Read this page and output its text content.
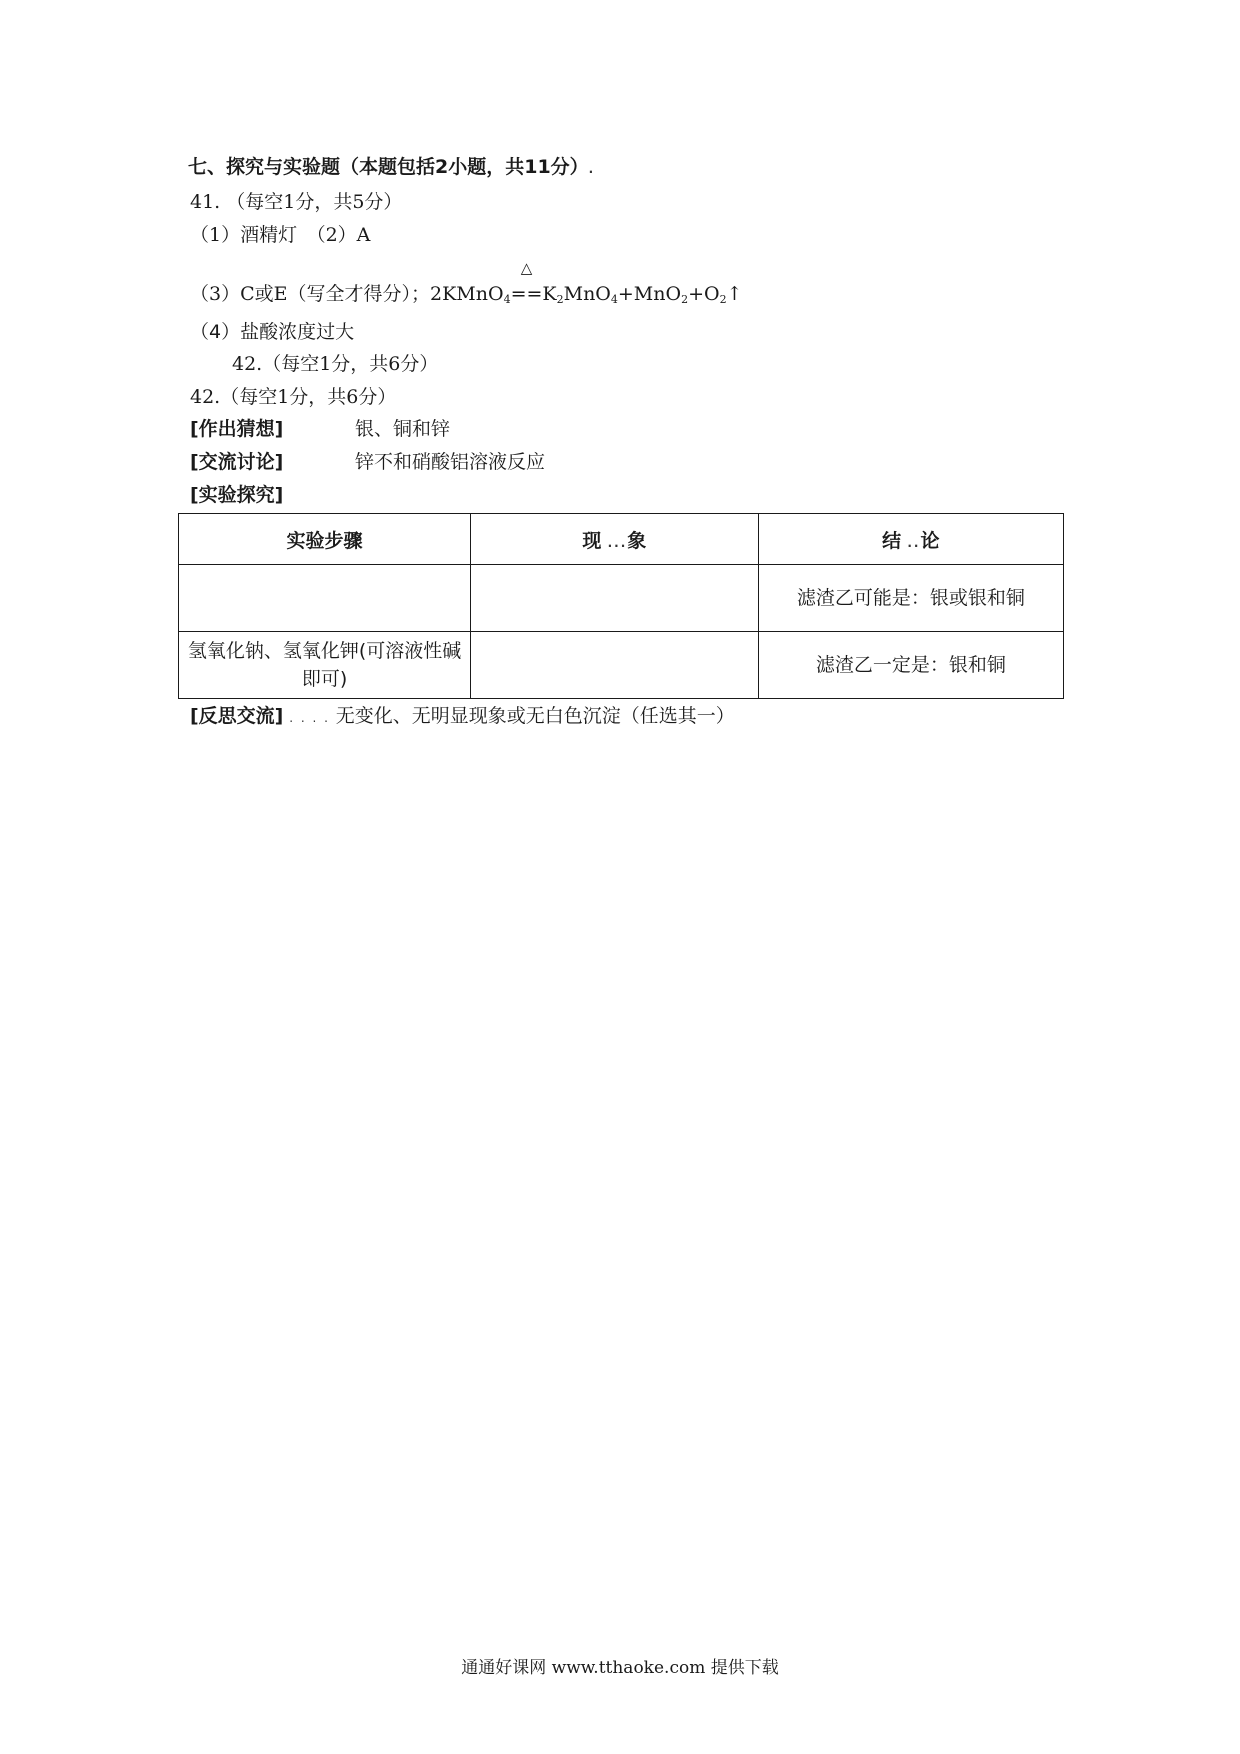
七、探究与实验题（本题包括2小题，共11分）.
41. （每空1分，共5分）
（1）酒精灯　（2）A
（3）C或E（写全才得分）；2KMnO$_4$
△
$==K_2MnO_4+MnO_2+O_2↑$
（4）盐酸浓度过大
42.（每空1分，共6分）
42.（每空1分，共6分）
[作出猜想]	银、铜和锌
[交流讨论]	锌不和硝酸铝溶液反应
[实验探究]
实验步骤	现 ...象	结 ..论
		滤渣乙可能是：银或银和铜
氢氧化钠、氢氧化钾(可溶液性碱即可)		滤渣乙一定是：银和铜
[反思交流] . . . . 无变化、无明显现象或无白色沉淀（任选其一）
通通好课网 www.tthaoke.com 提供下载
